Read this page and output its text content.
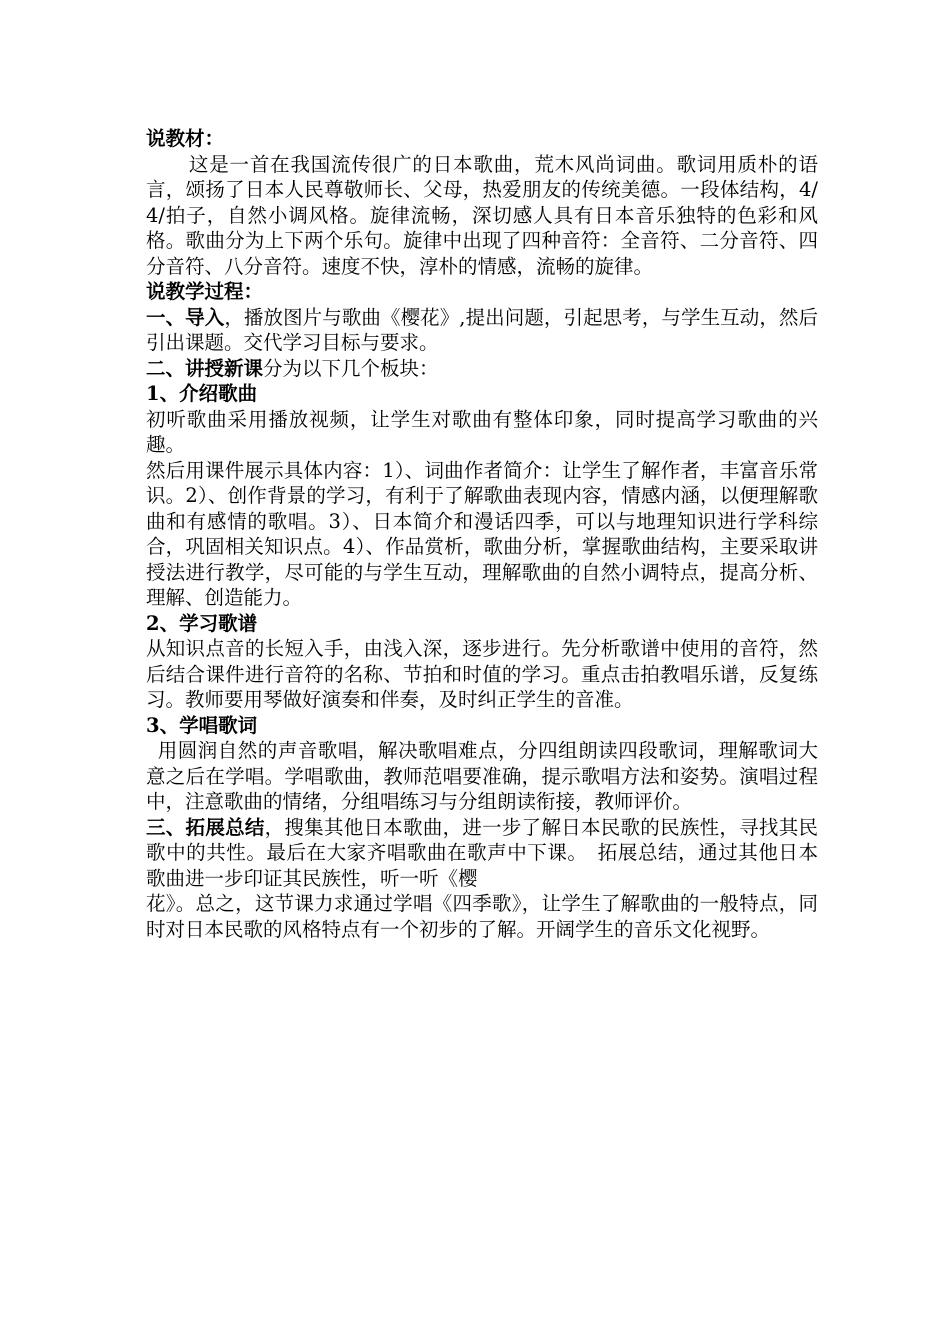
说教材：

这是一首在我国流传很广的日本歌曲，荒木风尚词曲。歌词用质朴的语言，颂扬了日本人民尊敬师长、父母，热爱朋友的传统美德。一段体结构，4/4/拍子，自然小调风格。旋律流畅，深切感人具有日本音乐独特的色彩和风格。歌曲分为上下两个乐句。旋律中出现了四种音符：全音符、二分音符、四分音符、八分音符。速度不快，淳朴的情感，流畅的旋律。

说教学过程：

一、导入，播放图片与歌曲《樱花》,提出问题，引起思考，与学生互动，然后引出课题。交代学习目标与要求。

二、讲授新课分为以下几个板块：

1、介绍歌曲

初听歌曲采用播放视频，让学生对歌曲有整体印象，同时提高学习歌曲的兴趣。

然后用课件展示具体内容：1）、词曲作者简介：让学生了解作者，丰富音乐常识。2）、创作背景的学习，有利于了解歌曲表现内容，情感内涵，以便理解歌曲和有感情的歌唱。3）、日本简介和漫话四季，可以与地理知识进行学科综合，巩固相关知识点。4）、作品赏析，歌曲分析，掌握歌曲结构，主要采取讲授法进行教学，尽可能的与学生互动，理解歌曲的自然小调特点，提高分析、理解、创造能力。

2、学习歌谱

从知识点音的长短入手，由浅入深，逐步进行。先分析歌谱中使用的音符，然后结合课件进行音符的名称、节拍和时值的学习。重点击拍教唱乐谱，反复练习。教师要用琴做好演奏和伴奏，及时纠正学生的音准。

3、学唱歌词

用圆润自然的声音歌唱，解决歌唱难点，分四组朗读四段歌词，理解歌词大意之后在学唱。学唱歌曲，教师范唱要准确，提示歌唱方法和姿势。演唱过程中，注意歌曲的情绪，分组唱练习与分组朗读衔接，教师评价。

三、拓展总结，搜集其他日本歌曲，进一步了解日本民歌的民族性，寻找其民歌中的共性。最后在大家齐唱歌曲在歌声中下课。　拓展总结，通过其他日本歌曲进一步印证其民族性，听一听《樱

花》。总之，这节课力求通过学唱《四季歌》，让学生了解歌曲的一般特点，同时对日本民歌的风格特点有一个初步的了解。开阔学生的音乐文化视野。
